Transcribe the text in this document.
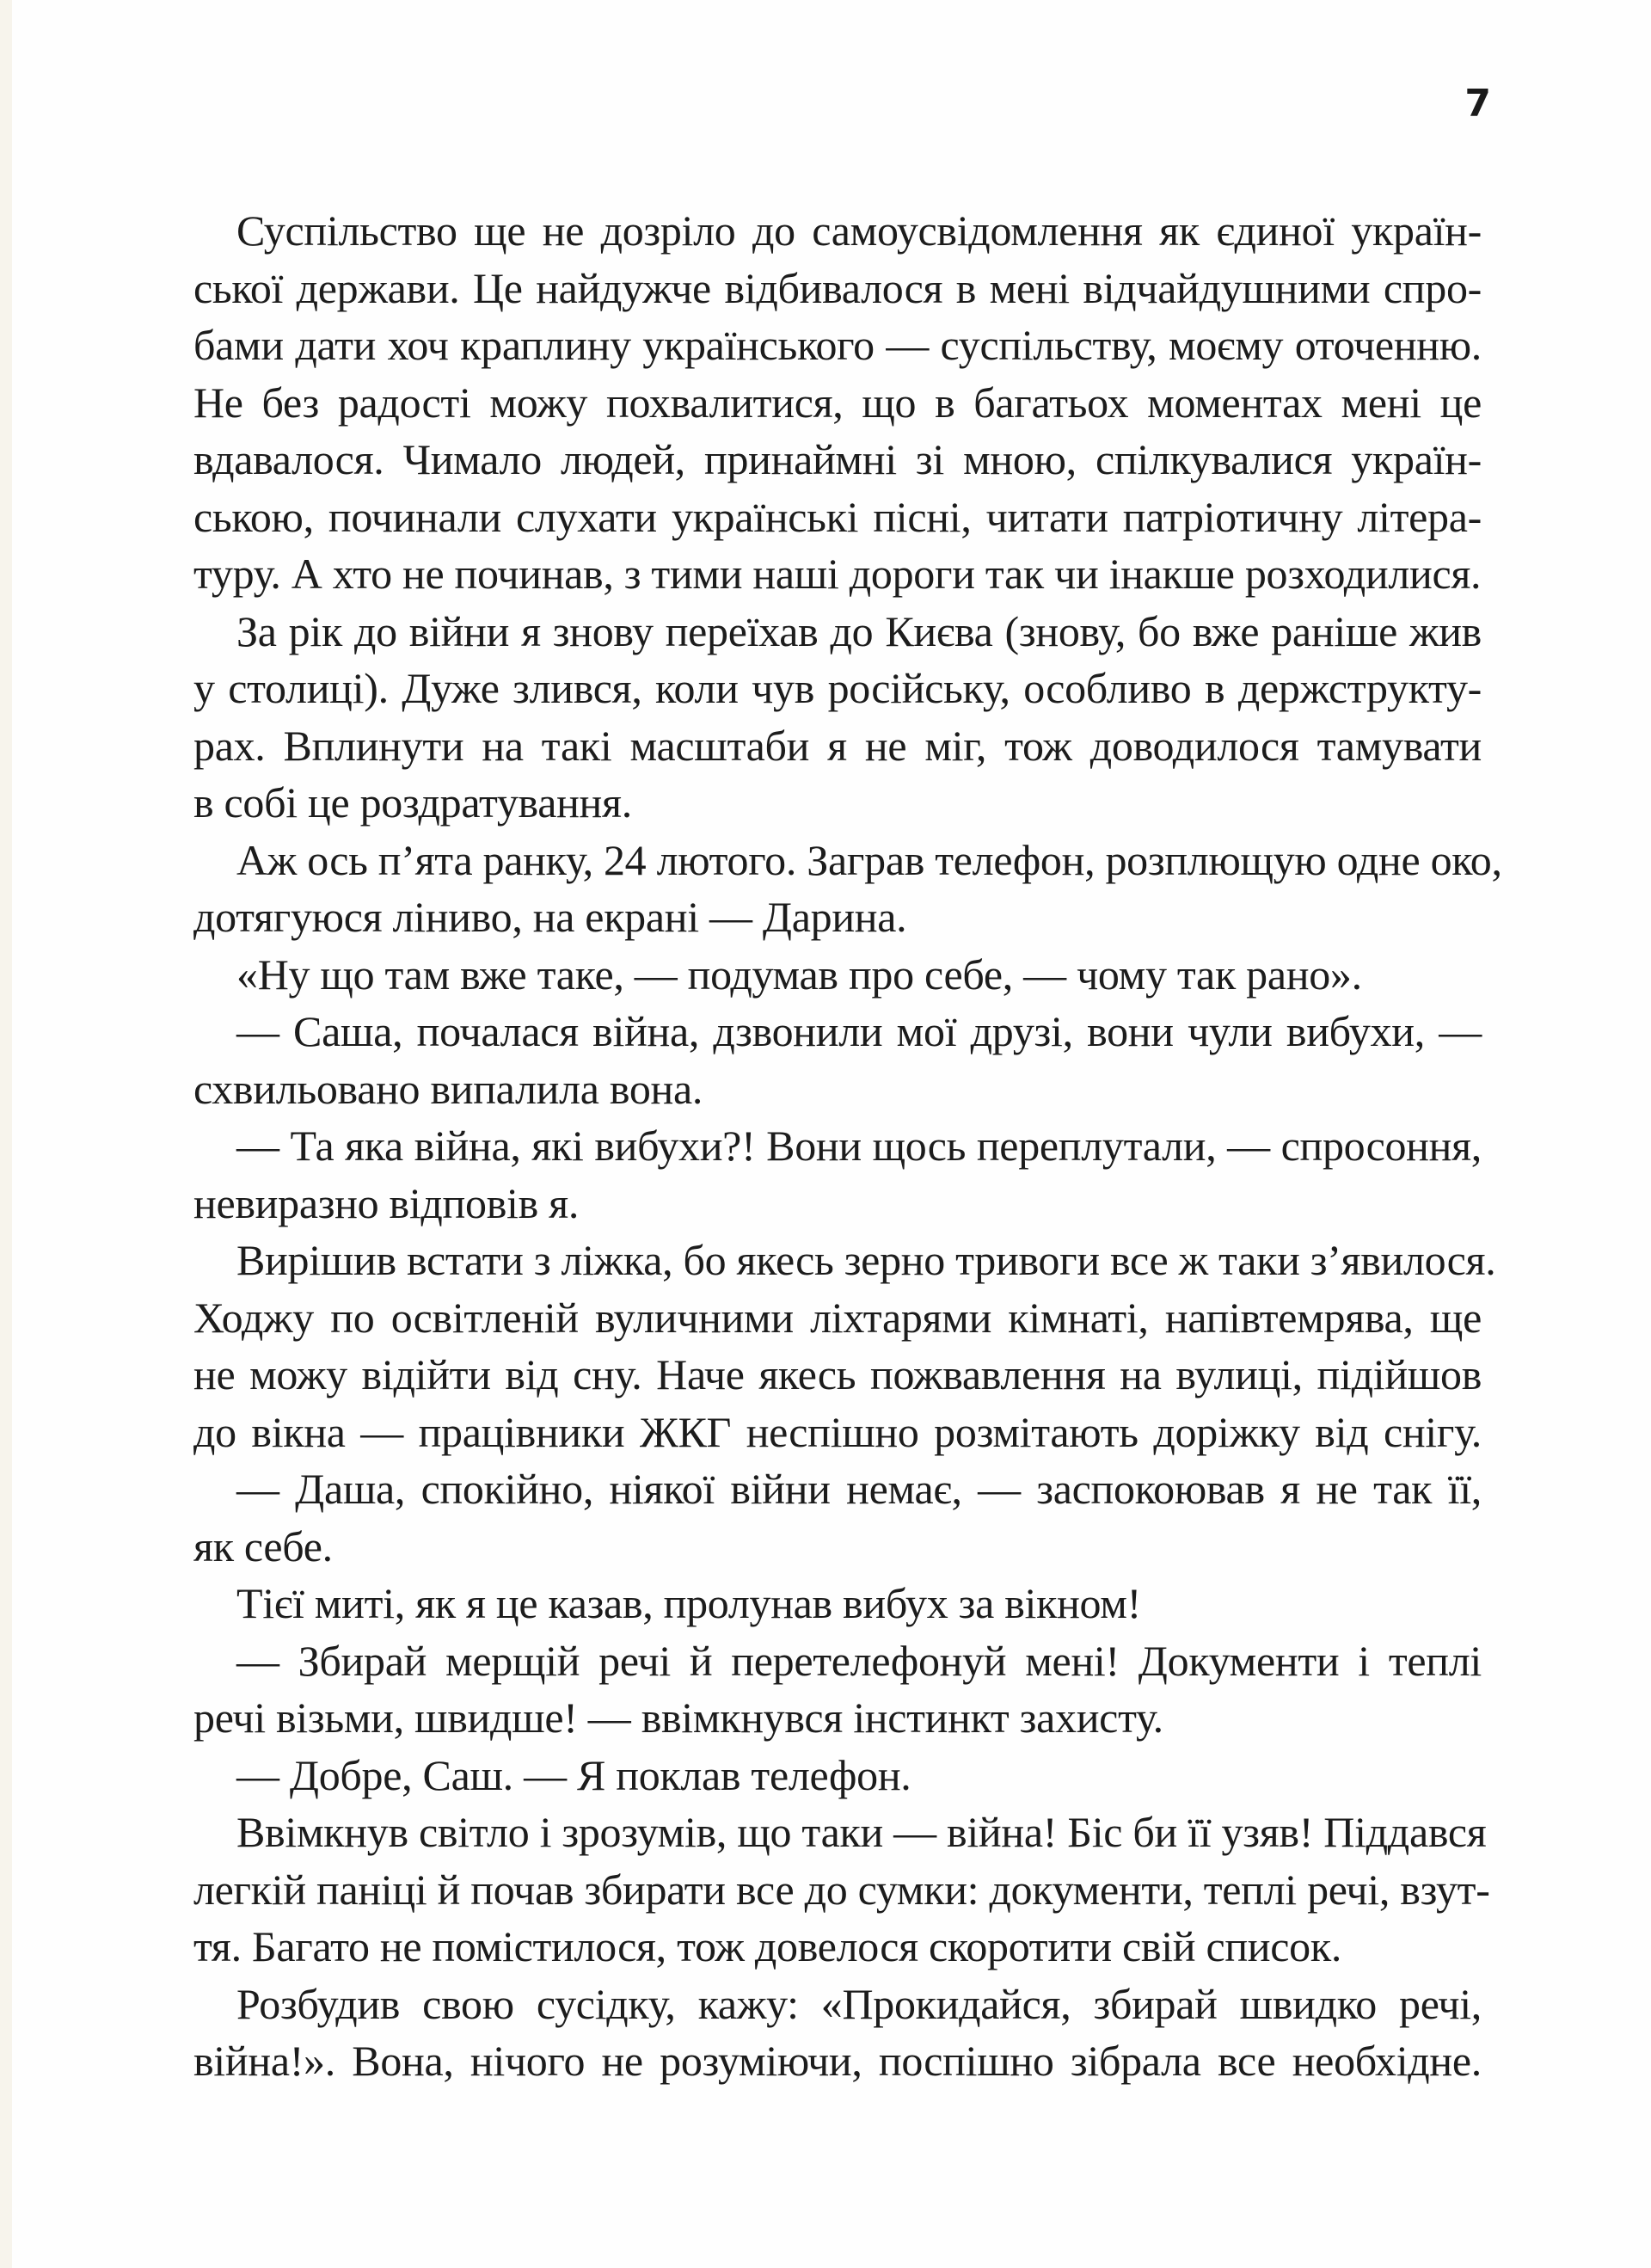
7
Суспільство ще не дозріло до самоусвідомлення як єдиної україн-
ської держави. Це найдужче відбивалося в мені відчайдушними спро-
бами дати хоч краплину українського — суспільству, моєму оточенню.
Не без радості можу похвалитися, що в багатьох моментах мені це
вдавалося. Чимало людей, принаймні зі мною, спілкувалися україн-
ською, починали слухати українські пісні, читати патріотичну літера-
туру. А хто не починав, з тими наші дороги так чи інакше розходилися.
За рік до війни я знову переїхав до Києва (знову, бо вже раніше жив
у столиці). Дуже злився, коли чув російську, особливо в держструкту-
рах. Вплинути на такі масштаби я не міг, тож доводилося тамувати
в собі це роздратування.
Аж ось п’ята ранку, 24 лютого. Заграв телефон, розплющую одне око,
дотягуюся ліниво, на екрані — Дарина.
«Ну що там вже таке, — подумав про себе, — чому так рано».
— Саша, почалася війна, дзвонили мої друзі, вони чули вибухи, —
схвильовано випалила вона.
— Та яка війна, які вибухи?! Вони щось переплутали, — спросоння,
невиразно відповів я.
Вирішив встати з ліжка, бо якесь зерно тривоги все ж таки з’явилося.
Ходжу по освітленій вуличними ліхтарями кімнаті, напівтемрява, ще
не можу відійти від сну. Наче якесь пожвавлення на вулиці, підійшов
до вікна — працівники ЖКГ неспішно розмітають доріжку від снігу.
— Даша, спокійно, ніякої війни немає, — заспокоював я не так її,
як себе.
Тієї миті, як я це казав, пролунав вибух за вікном!
— Збирай мерщій речі й перетелефонуй мені! Документи і теплі
речі візьми, швидше! — ввімкнувся інстинкт захисту.
— Добре, Саш. — Я поклав телефон.
Ввімкнув світло і зрозумів, що таки — війна! Біс би її узяв! Піддався
легкій паніці й почав збирати все до сумки: документи, теплі речі, взут-
тя. Багато не помістилося, тож довелося скоротити свій список.
Розбудив свою сусідку, кажу: «Прокидайся, збирай швидко речі,
війна!». Вона, нічого не розуміючи, поспішно зібрала все необхідне.
